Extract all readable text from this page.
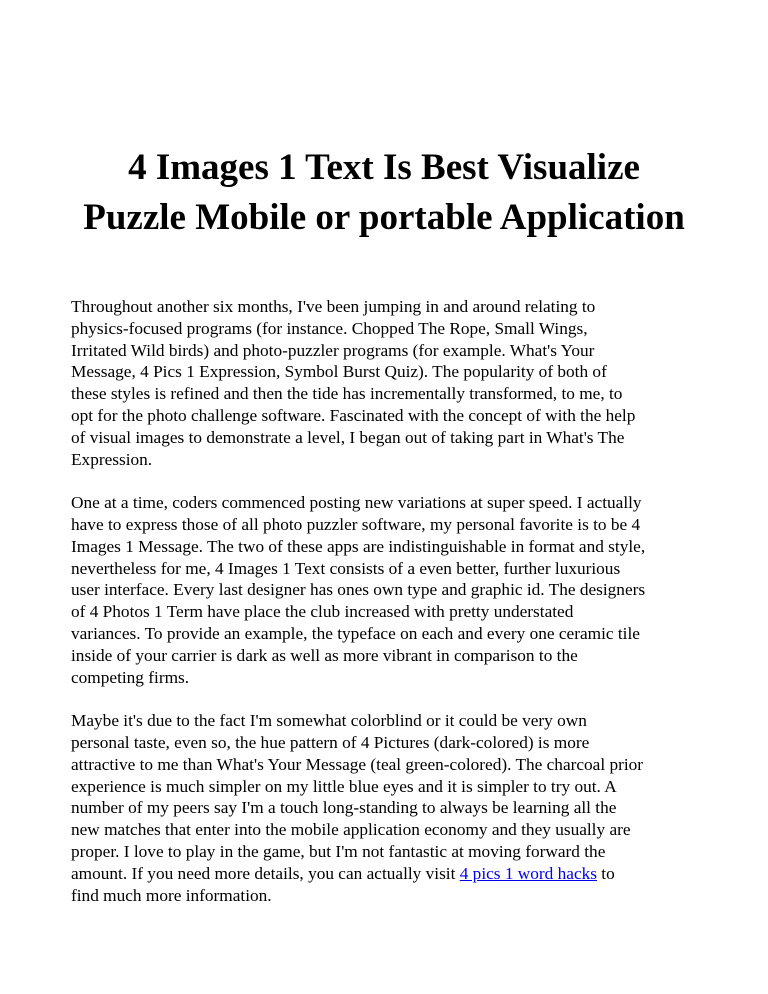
4 Images 1 Text Is Best Visualize
Puzzle Mobile or portable Application

Throughout another six months, I've been jumping in and around relating to
physics-focused programs (for instance. Chopped The Rope, Small Wings,
Irritated Wild birds) and photo-puzzler programs (for example. What's Your
Message, 4 Pics 1 Expression, Symbol Burst Quiz). The popularity of both of
these styles is refined and then the tide has incrementally transformed, to me, to
opt for the photo challenge software. Fascinated with the concept of with the help
of visual images to demonstrate a level, I began out of taking part in What's The
Expression.

One at a time, coders commenced posting new variations at super speed. I actually
have to express those of all photo puzzler software, my personal favorite is to be 4
Images 1 Message. The two of these apps are indistinguishable in format and style,
nevertheless for me, 4 Images 1 Text consists of a even better, further luxurious
user interface. Every last designer has ones own type and graphic id. The designers
of 4 Photos 1 Term have place the club increased with pretty understated
variances. To provide an example, the typeface on each and every one ceramic tile
inside of your carrier is dark as well as more vibrant in comparison to the
competing firms.

Maybe it's due to the fact I'm somewhat colorblind or it could be very own
personal taste, even so, the hue pattern of 4 Pictures (dark-colored) is more
attractive to me than What's Your Message (teal green-colored). The charcoal prior
experience is much simpler on my little blue eyes and it is simpler to try out. A
number of my peers say I'm a touch long-standing to always be learning all the
new matches that enter into the mobile application economy and they usually are
proper. I love to play in the game, but I'm not fantastic at moving forward the
amount. If you need more details, you can actually visit 4 pics 1 word hacks to
find much more information.
